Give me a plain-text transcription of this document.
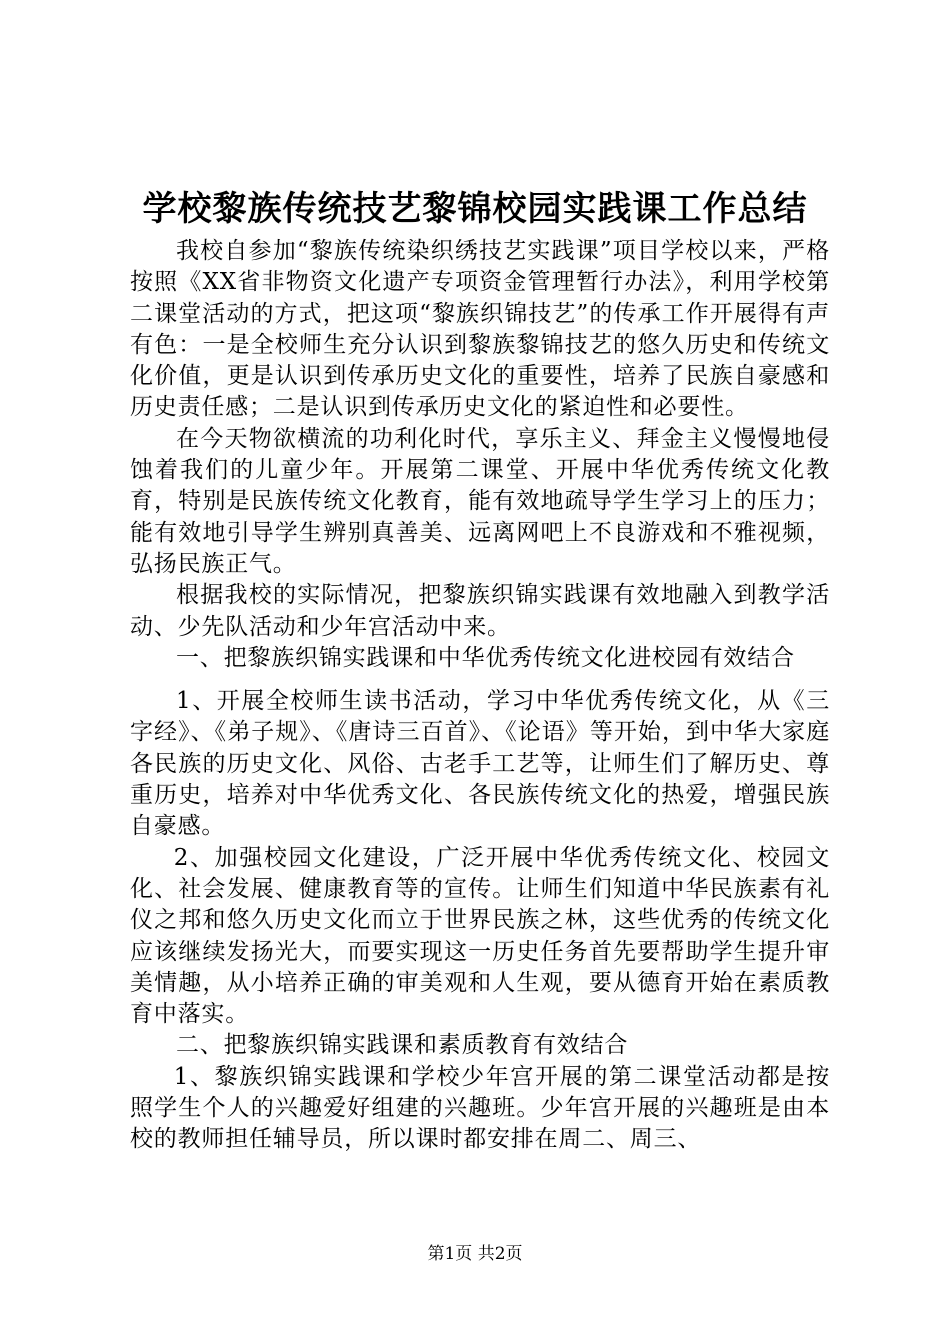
学校黎族传统技艺黎锦校园实践课工作总结

我校自参加“黎族传统染织绣技艺实践课”项目学校以来，严格按照《XX省非物资文化遗产专项资金管理暂行办法》，利用学校第二课堂活动的方式，把这项“黎族织锦技艺”的传承工作开展得有声有色：一是全校师生充分认识到黎族黎锦技艺的悠久历史和传统文化价值，更是认识到传承历史文化的重要性，培养了民族自豪感和历史责任感；二是认识到传承历史文化的紧迫性和必要性。

在今天物欲横流的功利化时代，享乐主义、拜金主义慢慢地侵蚀着我们的儿童少年。开展第二课堂、开展中华优秀传统文化教育，特别是民族传统文化教育，能有效地疏导学生学习上的压力；能有效地引导学生辨别真善美、远离网吧上不良游戏和不雅视频，弘扬民族正气。

根据我校的实际情况，把黎族织锦实践课有效地融入到教学活动、少先队活动和少年宫活动中来。

一、把黎族织锦实践课和中华优秀传统文化进校园有效结合

1、开展全校师生读书活动，学习中华优秀传统文化，从《三字经》、《弟子规》、《唐诗三百首》、《论语》等开始，到中华大家庭各民族的历史文化、风俗、古老手工艺等，让师生们了解历史、尊重历史，培养对中华优秀文化、各民族传统文化的热爱，增强民族自豪感。

2、加强校园文化建设，广泛开展中华优秀传统文化、校园文化、社会发展、健康教育等的宣传。让师生们知道中华民族素有礼仪之邦和悠久历史文化而立于世界民族之林，这些优秀的传统文化应该继续发扬光大，而要实现这一历史任务首先要帮助学生提升审美情趣，从小培养正确的审美观和人生观，要从德育开始在素质教育中落实。

二、把黎族织锦实践课和素质教育有效结合

1、黎族织锦实践课和学校少年宫开展的第二课堂活动都是按照学生个人的兴趣爱好组建的兴趣班。少年宫开展的兴趣班是由本校的教师担任辅导员，所以课时都安排在周二、周三、

第1页 共2页
